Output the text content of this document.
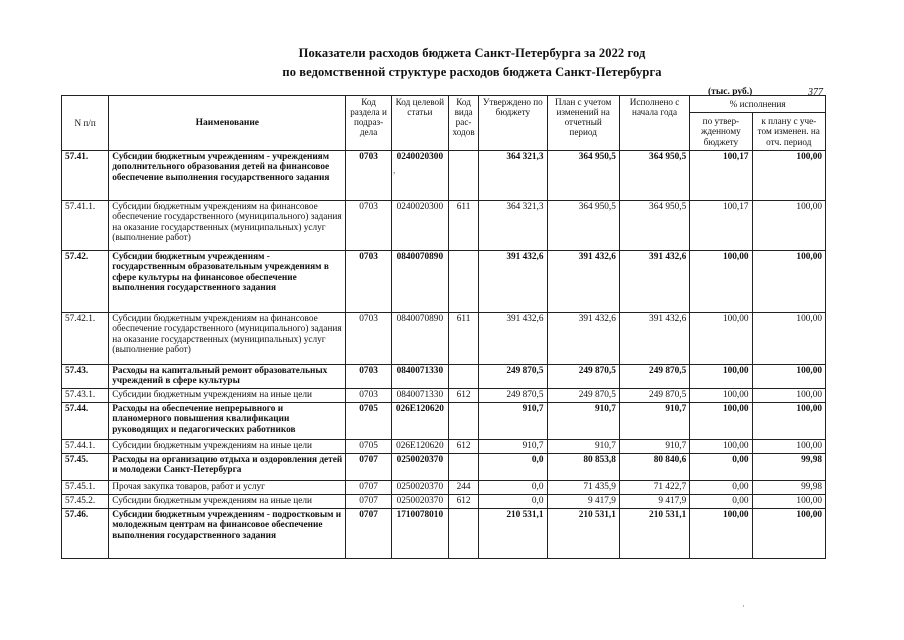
Показатели расходов бюджета Санкт-Петербурга за 2022 год
по ведомственной структуре расходов бюджета Санкт-Петербурга
(тыс. руб.)	377
N п/п	Наименование	Код раздела и подраз-дела	Код целевой статьи	Код вида рас-ходов	Утверждено по бюджету	План с учетом изменений на отчетный период	Исполнено с начала года	% исполнения	
								по утвер-жденному бюджету	к плану с уче-том изменен. на отч. период
57.41.	Субсидии бюджетным учреждениям - учреждениям дополнительного образования детей на финансовое обеспечение выполнения государственного задания	0703	0240020300		364 321,3	364 950,5	364 950,5	100,17	100,00
57.41.1.	Субсидии бюджетным учреждениям на финансовое обеспечение государственного (муниципального) задания на оказание государственных (муниципальных) услуг (выполнение работ)	0703	0240020300	611	364 321,3	364 950,5	364 950,5	100,17	100,00
57.42.	Субсидии бюджетным учреждениям - государственным образовательным учреждениям в сфере культуры на финансовое обеспечение выполнения государственного задания	0703	0840070890		391 432,6	391 432,6	391 432,6	100,00	100,00
57.42.1.	Субсидии бюджетным учреждениям на финансовое обеспечение государственного (муниципального) задания на оказание государственных (муниципальных) услуг (выполнение работ)	0703	0840070890	611	391 432,6	391 432,6	391 432,6	100,00	100,00
57.43.	Расходы на капитальный ремонт образовательных учреждений в сфере культуры	0703	0840071330		249 870,5	249 870,5	249 870,5	100,00	100,00
57.43.1.	Субсидии бюджетным учреждениям на иные цели	0703	0840071330	612	249 870,5	249 870,5	249 870,5	100,00	100,00
57.44.	Расходы на обеспечение непрерывного и планомерного повышения квалификации руководящих и педагогических работников	0705	026E120620		910,7	910,7	910,7	100,00	100,00
57.44.1.	Субсидии бюджетным учреждениям на иные цели	0705	026E120620	612	910,7	910,7	910,7	100,00	100,00
57.45.	Расходы на организацию отдыха и оздоровления детей и молодежи Санкт-Петербурга	0707	0250020370		0,0	80 853,8	80 840,6	0,00	99,98
57.45.1.	Прочая закупка товаров, работ и услуг	0707	0250020370	244	0,0	71 435,9	71 422,7	0,00	99,98
57.45.2.	Субсидии бюджетным учреждениям на иные цели	0707	0250020370	612	0,0	9 417,9	9 417,9	0,00	100,00
57.46.	Субсидии бюджетным учреждениям - подростковым и молодежным центрам на финансовое обеспечение выполнения государственного задания	0707	1710078010		210 531,1	210 531,1	210 531,1	100,00	100,00
,
·
